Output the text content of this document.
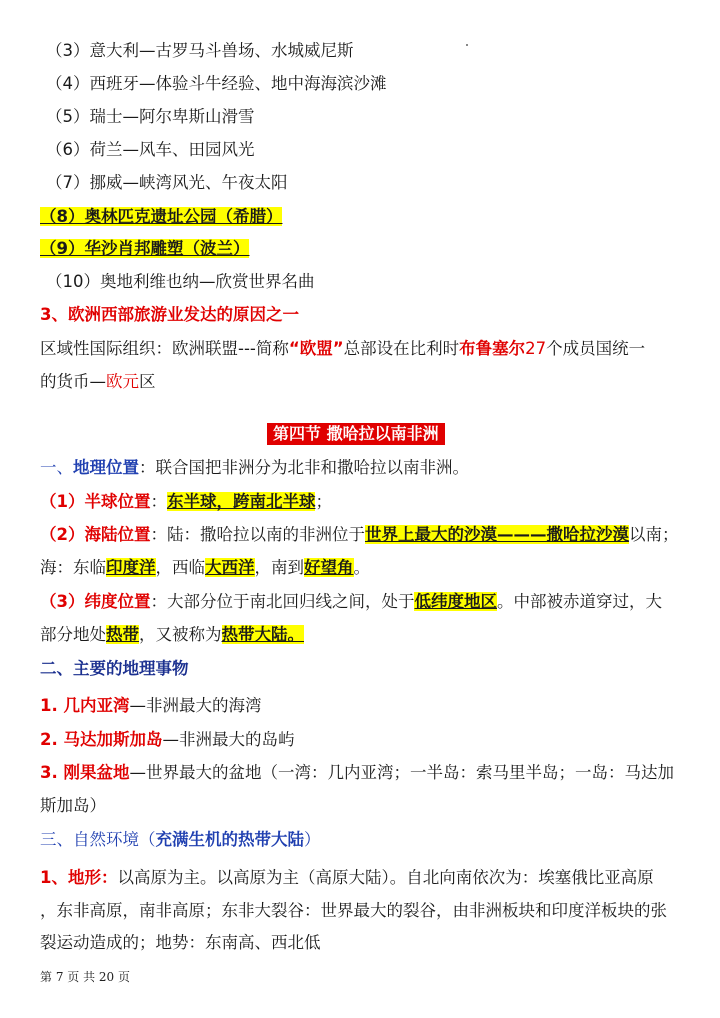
（3）意大利—古罗马斗兽场、水城威尼斯
（4）西班牙—体验斗牛经验、地中海海滨沙滩
（5）瑞士—阿尔卑斯山滑雪
（6）荷兰—风车、田园风光
（7）挪威—峡湾风光、午夜太阳
（8）奥林匹克遗址公园（希腊）
（9）华沙肖邦雕塑（波兰）
（10）奥地利维也纳—欣赏世界名曲
3、欧洲西部旅游业发达的原因之一
区域性国际组织：欧洲联盟---简称“欧盟”总部设在比利时布鲁塞尔27个成员国统一
的货币—欧元区
第四节 撒哈拉以南非洲
一、地理位置：联合国把非洲分为北非和撒哈拉以南非洲。
（1）半球位置：东半球，跨南北半球；
（2）海陆位置：陆：撒哈拉以南的非洲位于世界上最大的沙漠———撒哈拉沙漠以南；
海：东临印度洋，西临大西洋，南到好望角。
（3）纬度位置：大部分位于南北回归线之间，处于低纬度地区。中部被赤道穿过，大
部分地处热带，又被称为热带大陆。
二、主要的地理事物
1. 几内亚湾—非洲最大的海湾
2. 马达加斯加岛—非洲最大的岛屿
3. 刚果盆地—世界最大的盆地（一湾：几内亚湾；一半岛：索马里半岛；一岛：马达加
斯加岛）
三、自然环境（充满生机的热带大陆）
1、地形：以高原为主。以高原为主（高原大陆）。自北向南依次为：埃塞俄比亚高原
，东非高原，南非高原；东非大裂谷：世界最大的裂谷，由非洲板块和印度洋板块的张
裂运动造成的；地势：东南高、西北低
第 7 页 共 20 页
